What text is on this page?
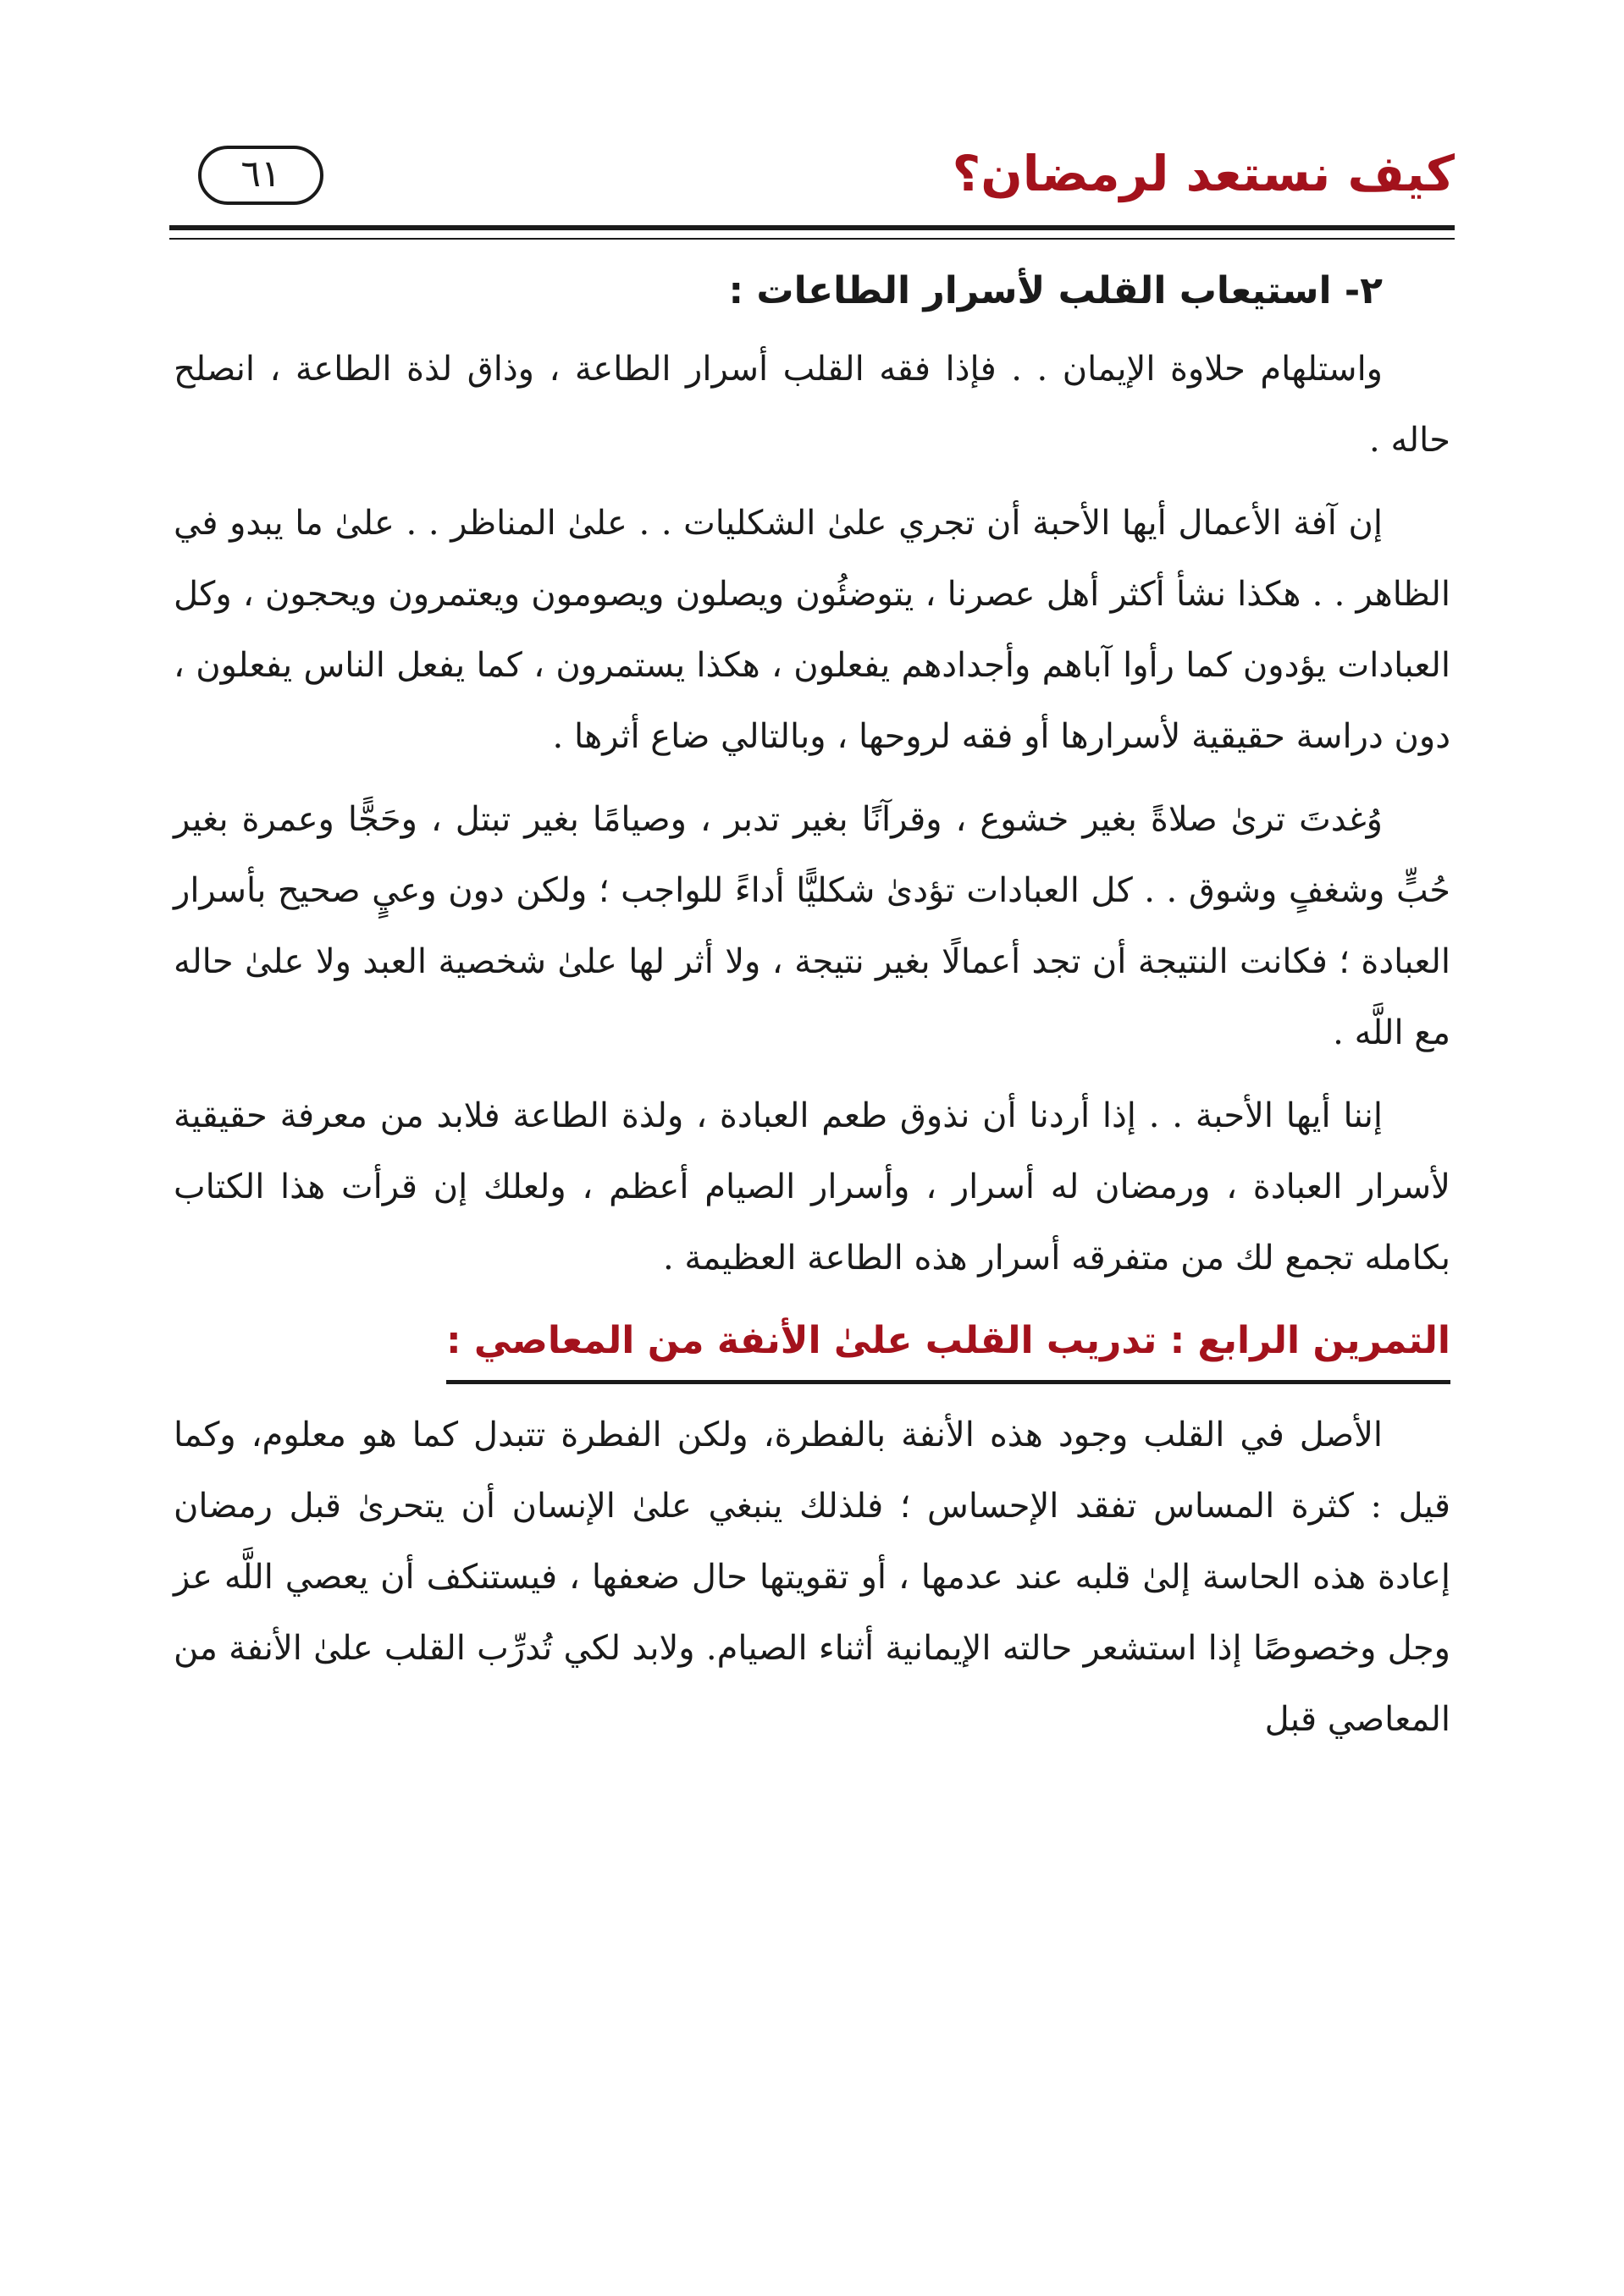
كيف نستعد لرمضان؟
٦١
٢- استيعاب القلب لأسرار الطاعات :

واستلهام حلاوة الإيمان . . فإذا فقه القلب أسرار الطاعة ، وذاق لذة الطاعة ، انصلح حاله .

إن آفة الأعمال أيها الأحبة أن تجري علىٰ الشكليات . . علىٰ المناظر . . علىٰ ما يبدو في الظاهر . . هكذا نشأ أكثر أهل عصرنا ، يتوضئُون ويصلون ويصومون ويعتمرون ويحجون ، وكل العبادات يؤدون كما رأوا آباهم وأجدادهم يفعلون ، هكذا يستمرون ، كما يفعل الناس يفعلون ، دون دراسة حقيقية لأسرارها أو فقه لروحها ، وبالتالي ضاع أثرها .

وُغدتَ ترىٰ صلاةً بغير خشوع ، وقرآنًا بغير تدبر ، وصيامًا بغير تبتل ، وحَجًّا وعمرة بغير حُبٍّ وشغفٍ وشوق . . كل العبادات تؤدىٰ شكليًّا أداءً للواجب ؛ ولكن دون وعيٍ صحيح بأسرار العبادة ؛ فكانت النتيجة أن تجد أعمالًا بغير نتيجة ، ولا أثر لها علىٰ شخصية العبد ولا علىٰ حاله مع اللَّه .

إننا أيها الأحبة . . إذا أردنا أن نذوق طعم العبادة ، ولذة الطاعة فلابد من معرفة حقيقية لأسرار العبادة ، ورمضان له أسرار ، وأسرار الصيام أعظم ، ولعلك إن قرأت هذا الكتاب بكامله تجمع لك من متفرقه أسرار هذه الطاعة العظيمة .

التمرين الرابع : تدريب القلب علىٰ الأنفة من المعاصي :

الأصل في القلب وجود هذه الأنفة بالفطرة، ولكن الفطرة تتبدل كما هو معلوم، وكما قيل : كثرة المساس تفقد الإحساس ؛ فلذلك ينبغي علىٰ الإنسان أن يتحرىٰ قبل رمضان إعادة هذه الحاسة إلىٰ قلبه عند عدمها ، أو تقويتها حال ضعفها ، فيستنكف أن يعصي اللَّه عز وجل وخصوصًا إذا استشعر حالته الإيمانية أثناء الصيام. ولابد لكي تُدرِّب القلب علىٰ الأنفة من المعاصي قبل
